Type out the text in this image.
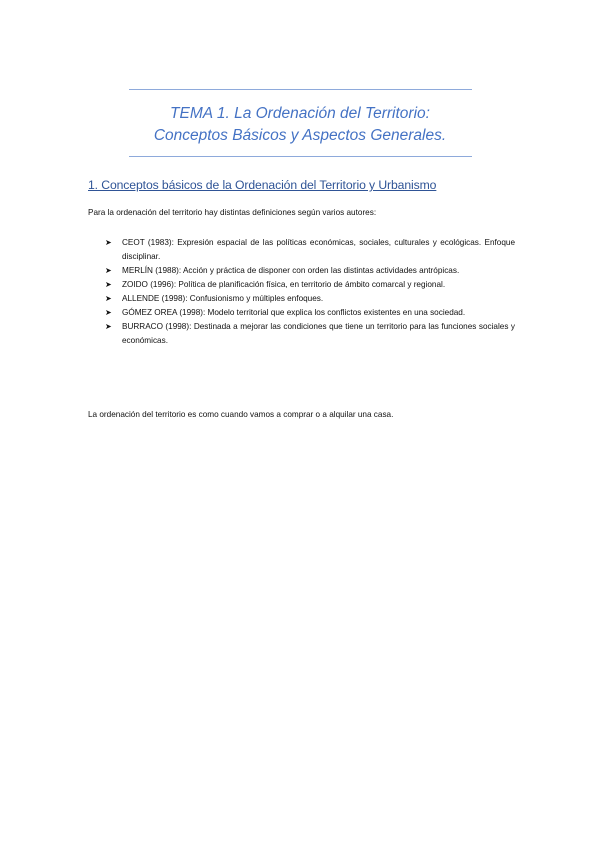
TEMA 1. La Ordenación del Territorio:
Conceptos Básicos y Aspectos Generales.
1. Conceptos básicos de la Ordenación del Territorio y Urbanismo
Para la ordenación del territorio hay distintas definiciones según varios autores:
➤ CEOT (1983): Expresión espacial de las políticas económicas, sociales, culturales y ecológicas. Enfoque disciplinar.
➤ MERLÍN (1988): Acción y práctica de disponer con orden las distintas actividades antrópicas.
➤ ZOIDO (1996): Política de planificación física, en territorio de ámbito comarcal y regional.
➤ ALLENDE (1998): Confusionismo y múltiples enfoques.
➤ GÓMEZ OREA (1998): Modelo territorial que explica los conflictos existentes en una sociedad.
➤ BURRACO (1998): Destinada a mejorar las condiciones que tiene un territorio para las funciones sociales y económicas.
La ordenación del territorio es como cuando vamos a comprar o a alquilar una casa.
